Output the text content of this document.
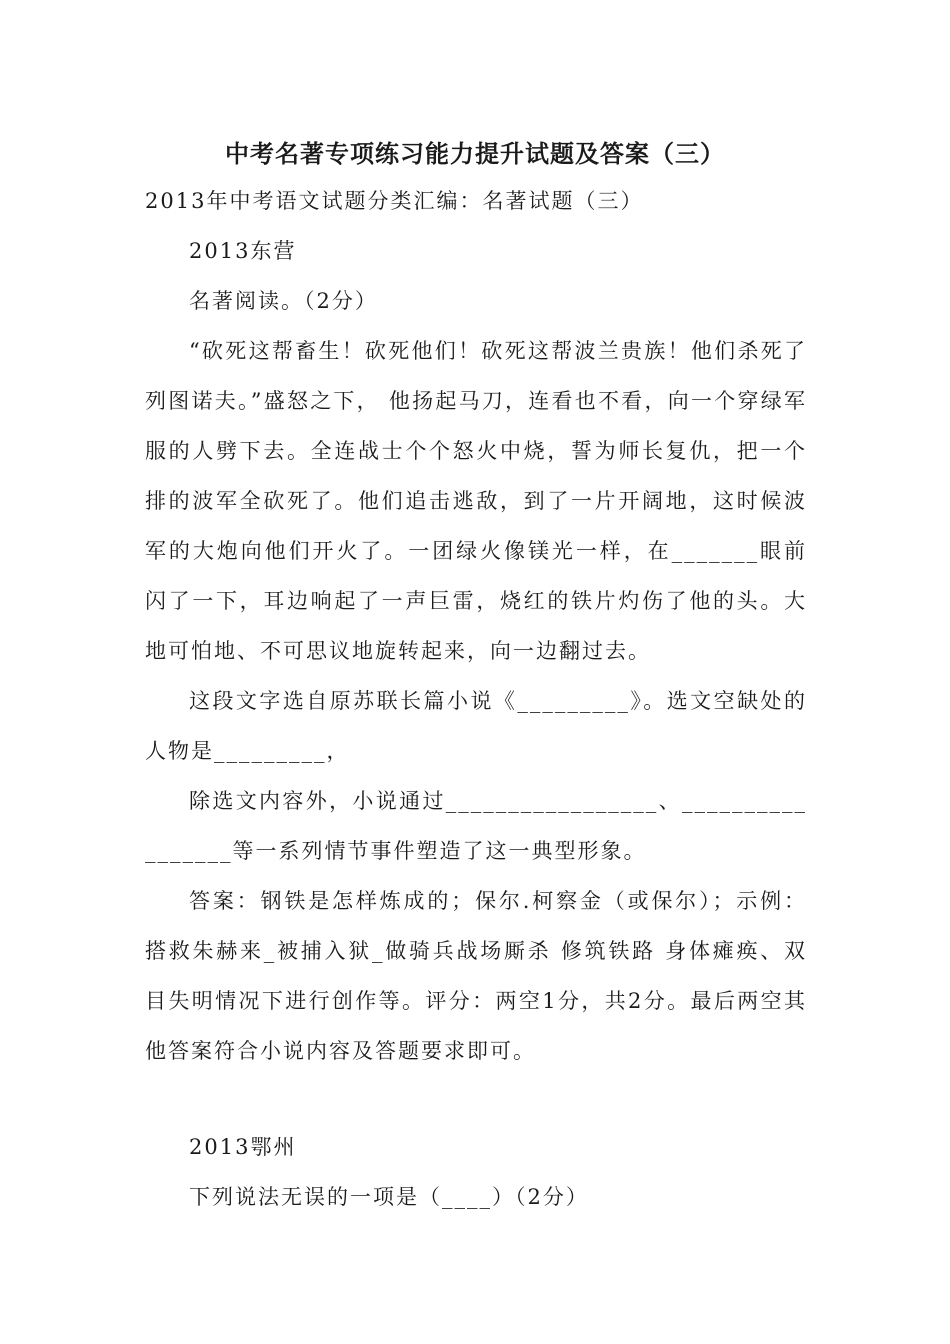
中考名著专项练习能力提升试题及答案（三）
2013年中考语文试题分类汇编：名著试题（三）
2013东营
名著阅读。（2分）
“砍死这帮畜生！砍死他们！砍死这帮波兰贵族！他们杀死了列图诺夫。”盛怒之下， 他扬起马刀，连看也不看，向一个穿绿军服的人劈下去。全连战士个个怒火中烧，誓为师长复仇，把一个排的波军全砍死了。他们追击逃敌，到了一片开阔地，这时候波军的大炮向他们开火了。一团绿火像镁光一样，在_______眼前闪了一下，耳边响起了一声巨雷，烧红的铁片灼伤了他的头。大地可怕地、不可思议地旋转起来，向一边翻过去。
这段文字选自原苏联长篇小说《_________》。选文空缺处的人物是_________，
除选文内容外，小说通过_________________、_________________等一系列情节事件塑造了这一典型形象。
答案：钢铁是怎样炼成的；保尔.柯察金（或保尔）；示例：搭救朱赫来_被捕入狱_做骑兵战场厮杀 修筑铁路 身体瘫痪、双目失明情况下进行创作等。评分：两空1分，共2分。最后两空其他答案符合小说内容及答题要求即可。
2013鄂州
下列说法无误的一项是（____）（2分）
